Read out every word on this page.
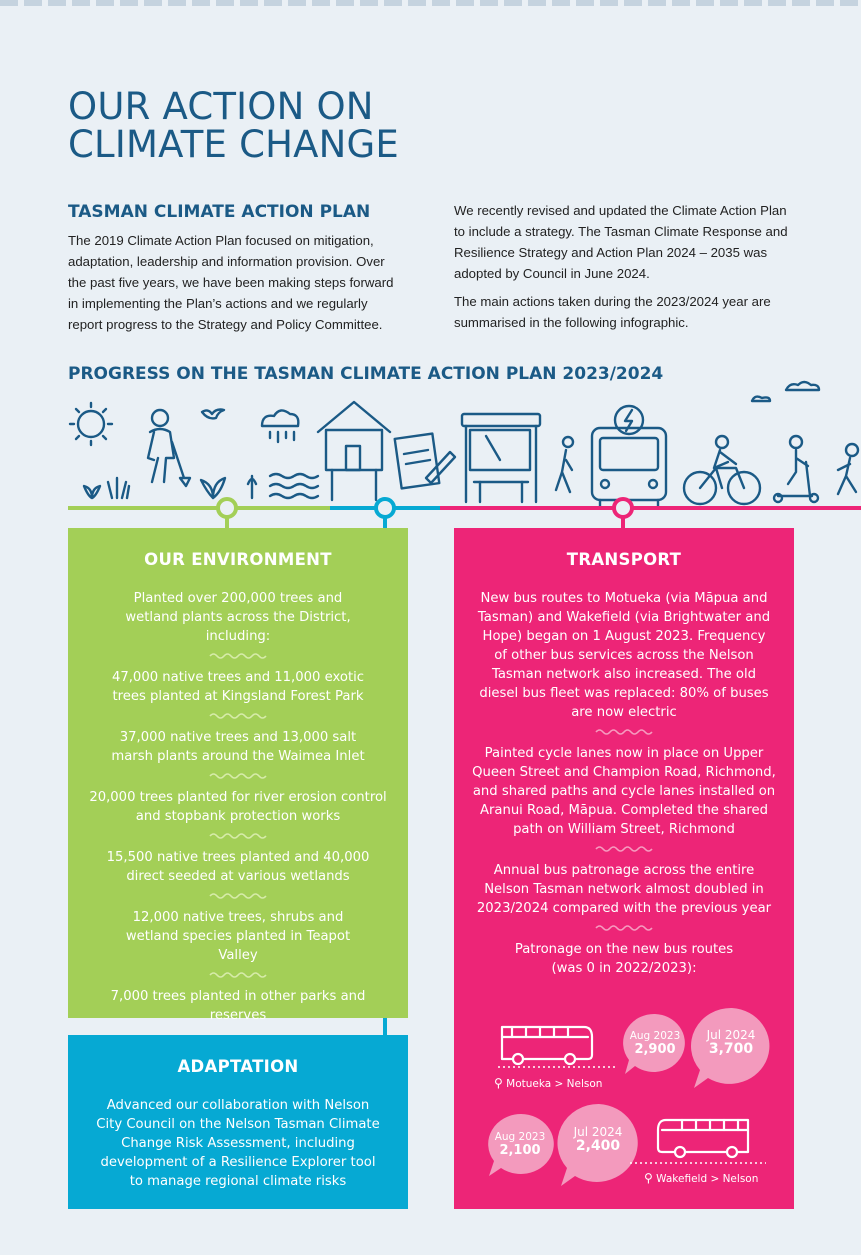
OUR ACTION ON
CLIMATE CHANGE
TASMAN CLIMATE ACTION PLAN

The 2019 Climate Action Plan focused on mitigation, adaptation, leadership and information provision. Over the past five years, we have been making steps forward in implementing the Plan’s actions and we regularly report progress to the Strategy and Policy Committee.

We recently revised and updated the Climate Action Plan to include a strategy. The Tasman Climate Response and Resilience Strategy and Action Plan 2024 – 2035 was adopted by Council in June 2024.

The main actions taken during the 2023/2024 year are summarised in the following infographic.

PROGRESS ON THE TASMAN CLIMATE ACTION PLAN 2023/2024

OUR ENVIRONMENT

Planted over 200,000 trees and wetland plants across the District, including:

47,000 native trees and 11,000 exotic trees planted at Kingsland Forest Park

37,000 native trees and 13,000 salt marsh plants around the Waimea Inlet

20,000 trees planted for river erosion control and stopbank protection works

15,500 native trees planted and 40,000 direct seeded at various wetlands

12,000 native trees, shrubs and wetland species planted in Teapot Valley

7,000 trees planted in other parks and reserves

ADAPTATION

Advanced our collaboration with Nelson City Council on the Nelson Tasman Climate Change Risk Assessment, including development of a Resilience Explorer tool to manage regional climate risks

TRANSPORT

New bus routes to Motueka (via Māpua and Tasman) and Wakefield (via Brightwater and Hope) began on 1 August 2023. Frequency of other bus services across the Nelson Tasman network also increased. The old diesel bus fleet was replaced: 80% of buses are now electric

Painted cycle lanes now in place on Upper Queen Street and Champion Road, Richmond, and shared paths and cycle lanes installed on Aranui Road, Māpua. Completed the shared path on William Street, Richmond

Annual bus patronage across the entire Nelson Tasman network almost doubled in 2023/2024 compared with the previous year

Patronage on the new bus routes (was 0 in 2022/2023):

⚲ Motueka > Nelson
Aug 2023
2,900
Jul 2024
3,700
Aug 2023
2,100
Jul 2024
2,400
⚲ Wakefield > Nelson
